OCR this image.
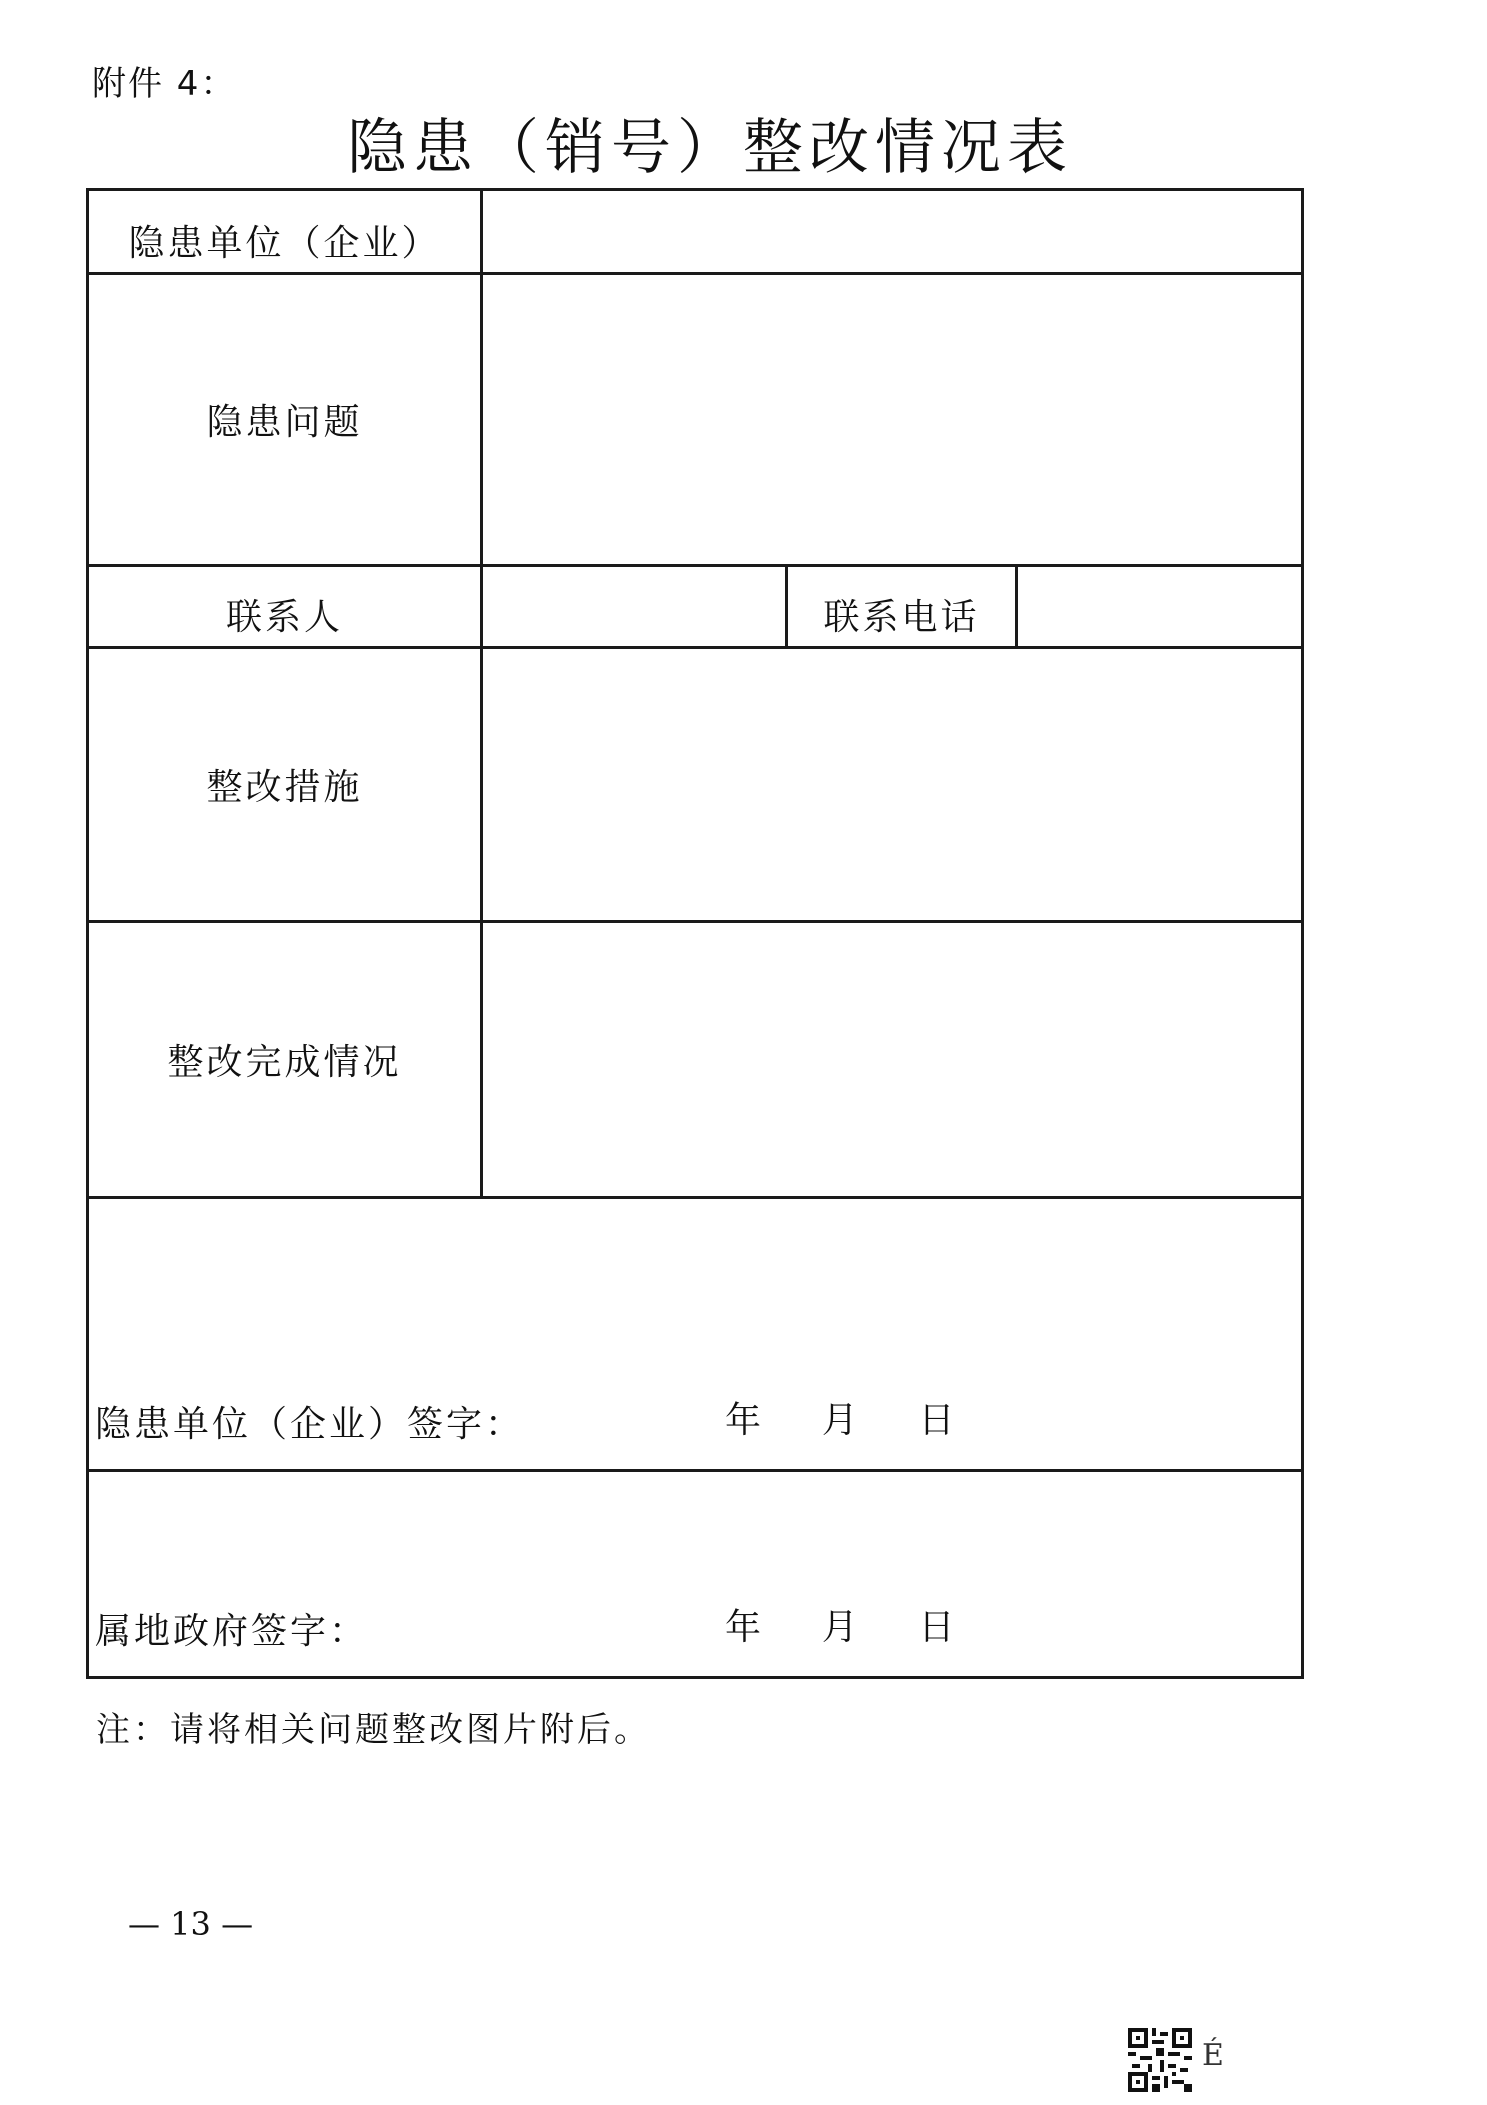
附件 4：
隐患（销号）整改情况表
隐患单位（企业）			
隐患问题			
联系人		联系电话	
整改措施			
整改完成情况			

隐患单位（企业）签字： 年    月    日			

属地政府签字： 年    月    日			
注：请将相关问题整改图片附后。
— 13 —
É
